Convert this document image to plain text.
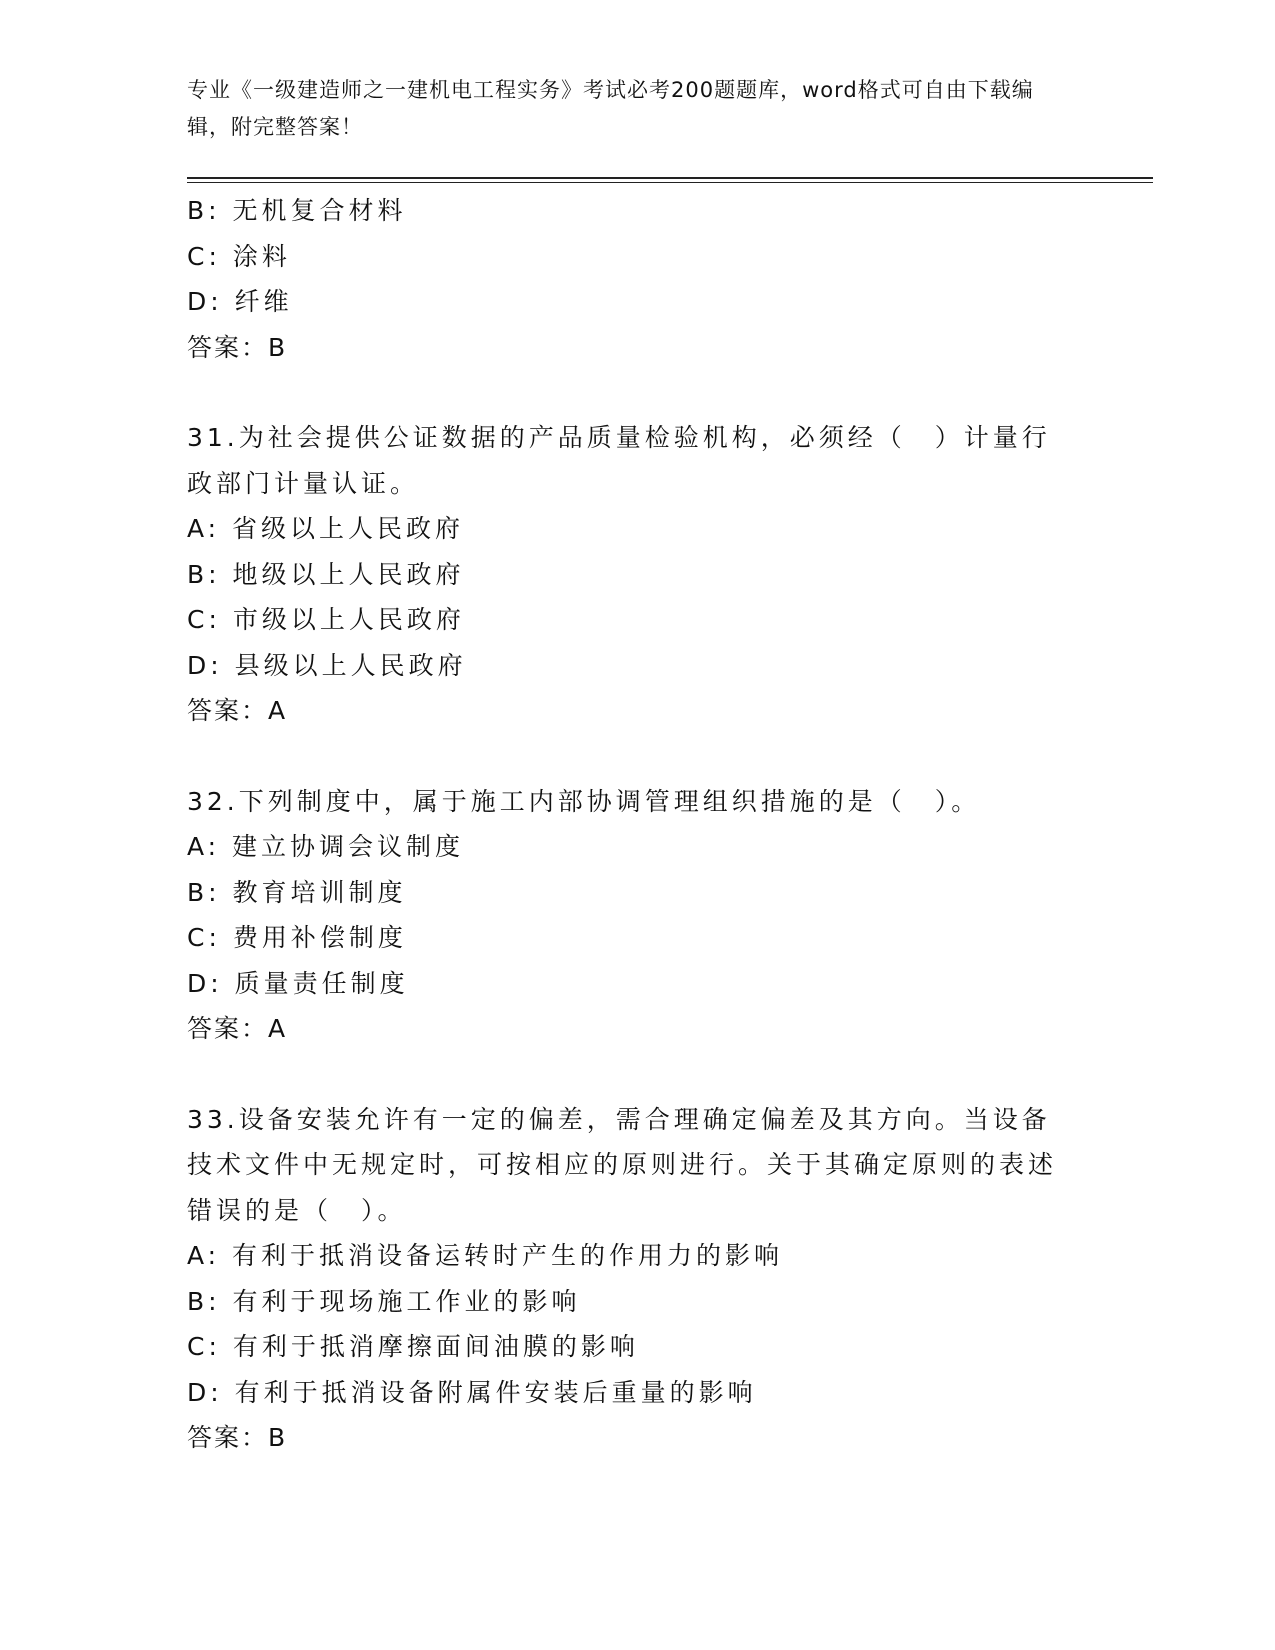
专业《一级建造师之一建机电工程实务》考试必考200题题库，word格式可自由下载编辑，附完整答案！
B: 无机复合材料
C: 涂料
D: 纤维
答案：B
31.为社会提供公证数据的产品质量检验机构，必须经（　）计量行政部门计量认证。
A: 省级以上人民政府
B: 地级以上人民政府
C: 市级以上人民政府
D: 县级以上人民政府
答案：A
32.下列制度中，属于施工内部协调管理组织措施的是（　）。
A: 建立协调会议制度
B: 教育培训制度
C: 费用补偿制度
D: 质量责任制度
答案：A
33.设备安装允许有一定的偏差，需合理确定偏差及其方向。当设备技术文件中无规定时，可按相应的原则进行。关于其确定原则的表述错误的是（　）。
A: 有利于抵消设备运转时产生的作用力的影响
B: 有利于现场施工作业的影响
C: 有利于抵消摩擦面间油膜的影响
D: 有利于抵消设备附属件安装后重量的影响
答案：B
